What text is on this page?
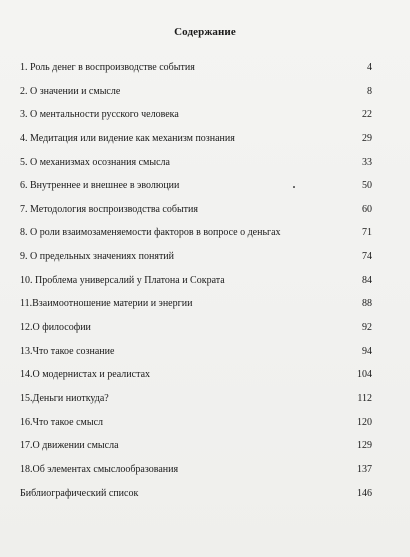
Содержание
1. Роль денег в воспроизводстве события	4
2. О значении и смысле	8
3. О ментальности русского человека	22
4. Медитация или видение как механизм познания	29
5. О механизмах осознания смысла	33
6. Внутреннее и внешнее в эволюции	50
7. Методология воспроизводства события	60
8. О роли взаимозаменяемости факторов в вопросе о деньгах	71
9. О предельных значениях понятий	74
10. Проблема универсалий у Платона и Сократа	84
11.Взаимоотношение материи и энергии	88
12.О философии	92
13.Что такое сознание	94
14.О модернистах и реалистах	104
15.Деньги ниоткуда?	112
16.Что такое смысл	120
17.О движении смысла	129
18.Об элементах смыслообразования	137
Библиографический список	146
